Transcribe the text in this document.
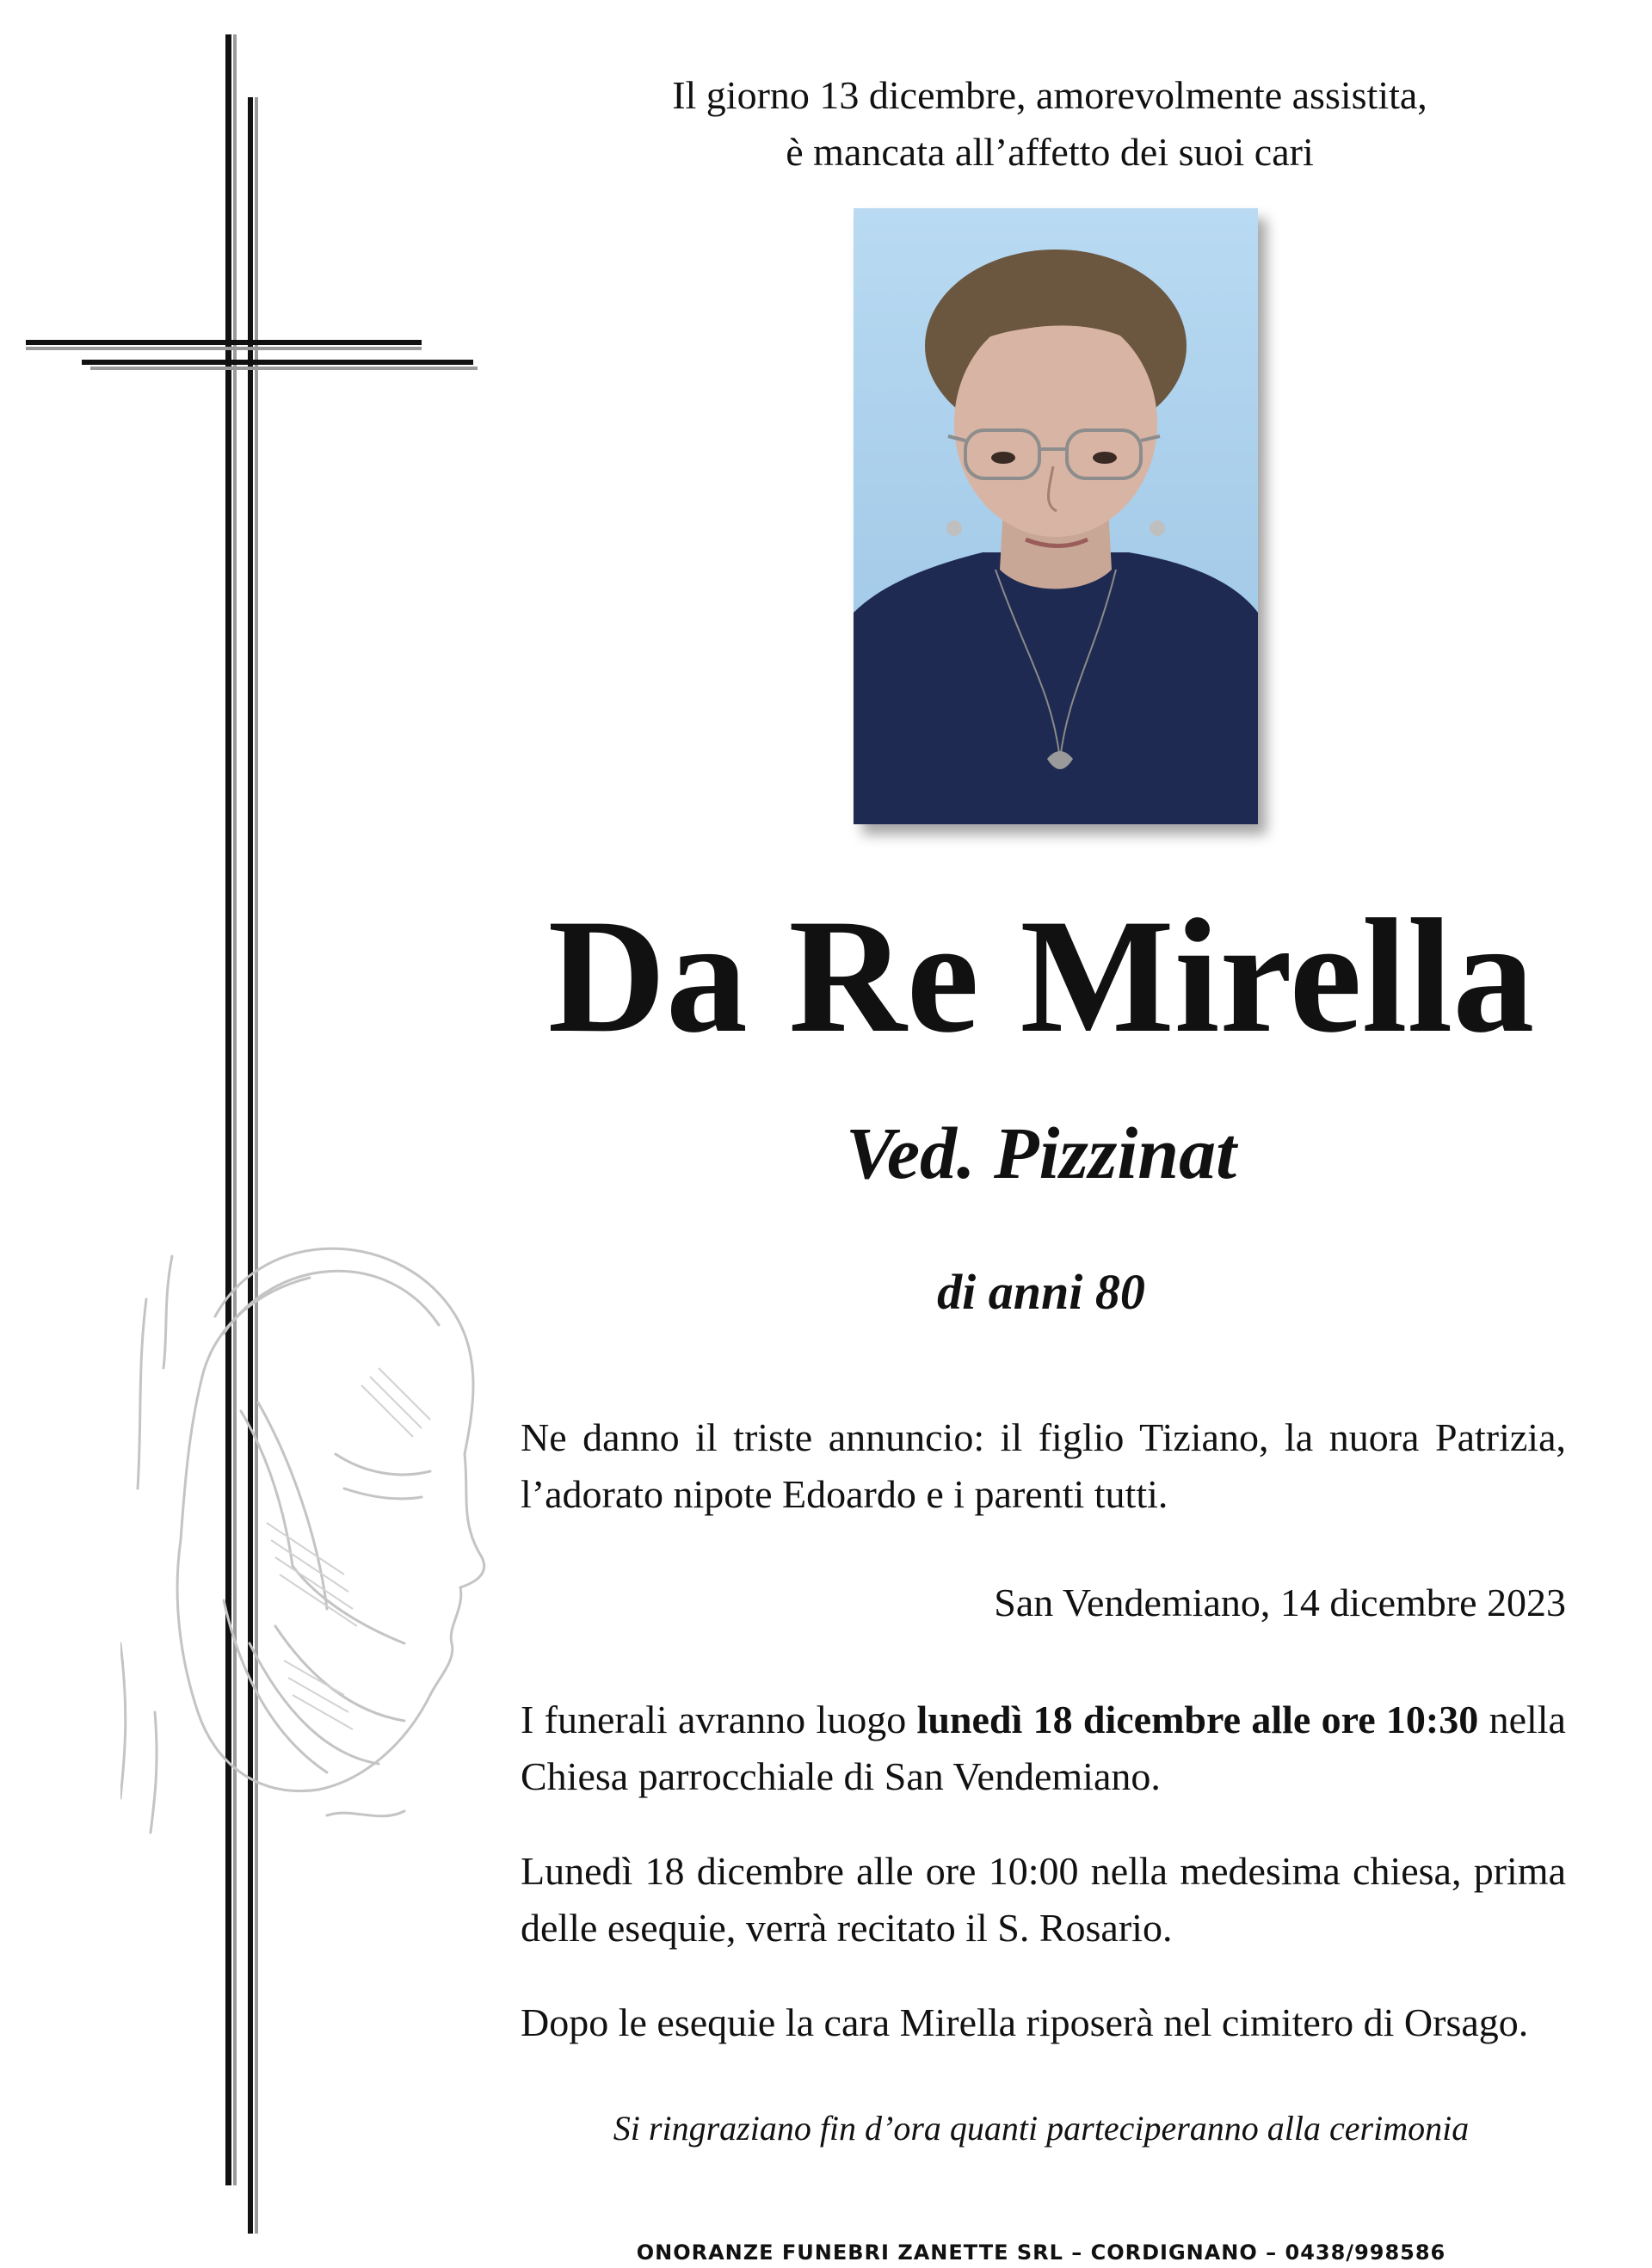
Il giorno 13 dicembre, amorevolmente assistita,
è mancata all’affetto dei suoi cari
Da Re Mirella
Ved. Pizzinat
di anni 80
Ne danno il triste annuncio: il figlio Tiziano, la nuora Patrizia, l’adorato nipote Edoardo e i parenti tutti.
San Vendemiano, 14 dicembre 2023
I funerali avranno luogo lunedì 18 dicembre alle ore 10:30 nella Chiesa parrocchiale di San Vendemiano.
Lunedì 18 dicembre alle ore 10:00 nella medesima chiesa, prima delle esequie, verrà recitato il S. Rosario.
Dopo le esequie la cara Mirella riposerà nel cimitero di Orsago.
Si ringraziano fin d’ora quanti parteciperanno alla cerimonia
ONORANZE FUNEBRI ZANETTE SRL – CORDIGNANO – 0438/998586
